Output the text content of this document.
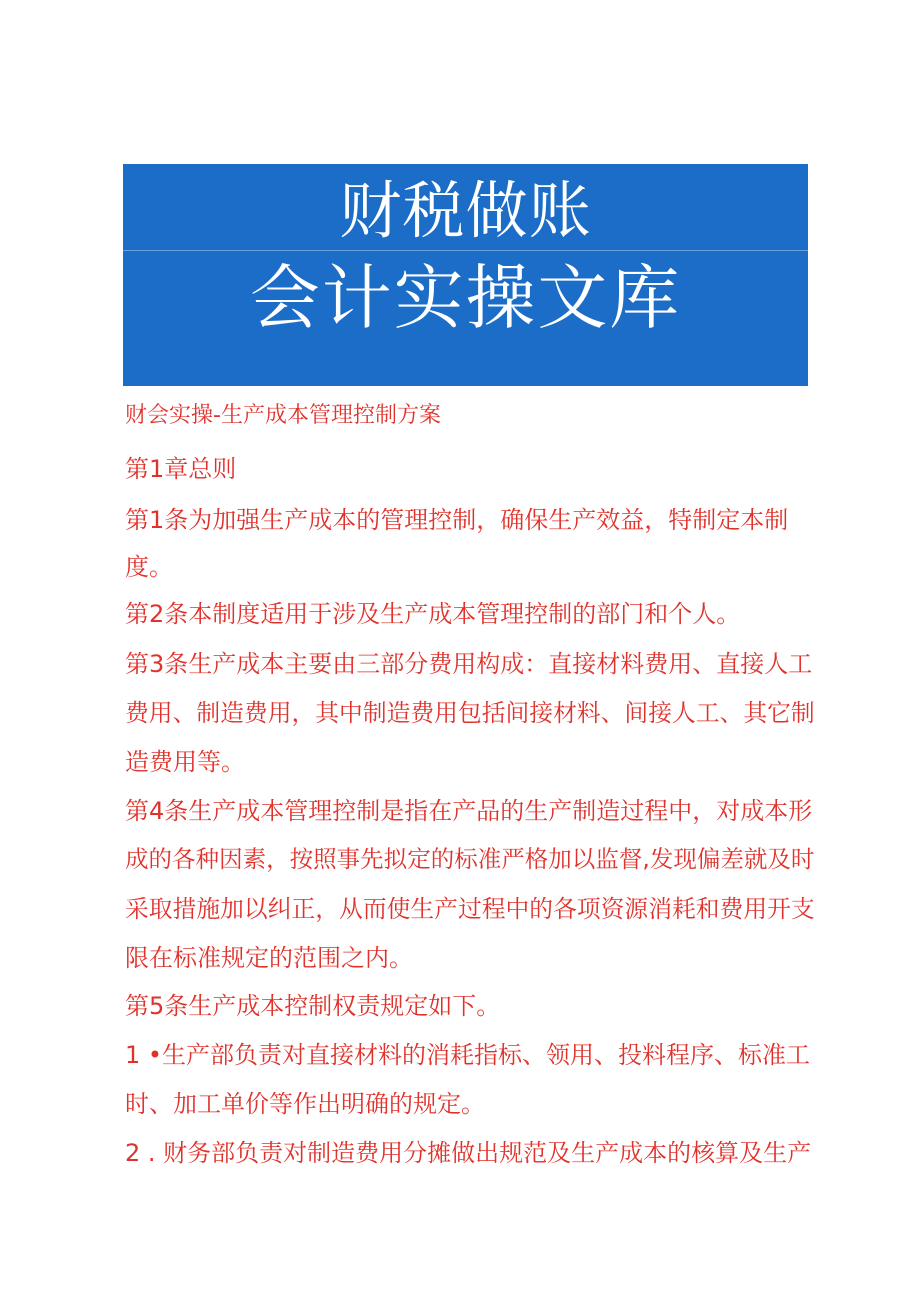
财税做账
会计实操文库
财会实操-生产成本管理控制方案
第1章总则
第1条为加强生产成本的管理控制，确保生产效益，特制定本制
度。
第2条本制度适用于涉及生产成本管理控制的部门和个人。
第3条生产成本主要由三部分费用构成：直接材料费用、直接人工
费用、制造费用，其中制造费用包括间接材料、间接人工、其它制
造费用等。
第4条生产成本管理控制是指在产品的生产制造过程中，对成本形
成的各种因素，按照事先拟定的标准严格加以监督,发现偏差就及时
采取措施加以纠正，从而使生产过程中的各项资源消耗和费用开支
限在标准规定的范围之内。
第5条生产成本控制权责规定如下。
1 •生产部负责对直接材料的消耗指标、领用、投料程序、标准工
时、加工单价等作出明确的规定。
2 . 财务部负责对制造费用分摊做出规范及生产成本的核算及生产
